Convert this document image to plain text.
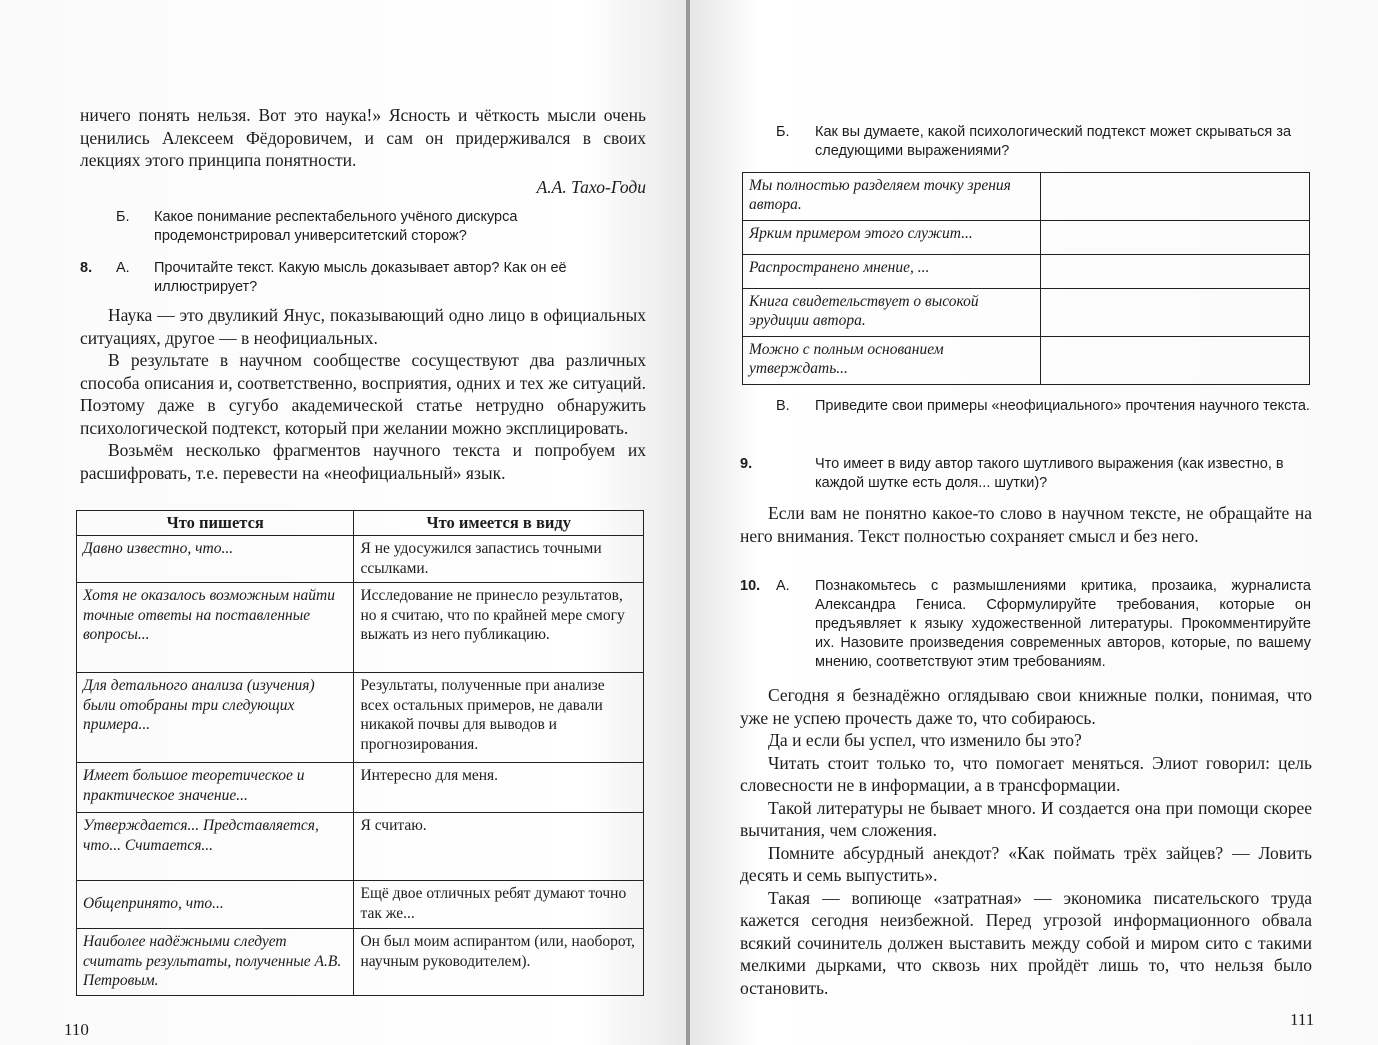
ничего понять нельзя. Вот это наука!» Ясность и чёткость мысли очень ценились Алексеем Фёдоровичем, и сам он придерживался в своих лекциях этого принципа понятности.
А.А. Тахо-Годи
Б. Какое понимание респектабельного учёного дискурса продемонстрировал университетский сторож?
8. А. Прочитайте текст. Какую мысль доказывает автор? Как он её иллюстрирует?

Наука — это двуликий Янус, показывающий одно лицо в официальных ситуациях, другое — в неофициальных.

В результате в научном сообществе сосуществуют два различных способа описания и, соответственно, восприятия, одних и тех же ситуаций. Поэтому даже в сугубо академической статье нетрудно обнаружить психологической подтекст, который при желании можно эксплицировать.

Возьмём несколько фрагментов научного текста и попробуем их расшифровать, т.е. перевести на «неофициальный» язык.

Что пишется	Что имеется в виду
Давно известно, что...	Я не удосужился запастись точными ссылками.
Хотя не оказалось возможным найти точные ответы на поставленные вопросы...	Исследование не принесло результатов, но я считаю, что по крайней мере смогу выжать из него публикацию.
Для детального анализа (изучения) были отобраны три следующих примера...	Результаты, полученные при анализе всех остальных примеров, не давали никакой почвы для выводов и прогнозирования.
Имеет большое теоретическое и практическое значение...	Интересно для меня.
Утверждается... Представляется, что... Считается...	Я считаю.
Общепринято, что...	Ещё двое отличных ребят думают точно так же...
Наиболее надёжными следует считать результаты, полученные А.В. Петровым.	Он был моим аспирантом (или, наоборот, научным руководителем).
110
Б. Как вы думаете, какой психологический подтекст может скрываться за следующими выражениями?
Мы полностью разделяем точку зрения автора.	
Ярким примером этого служит...	
Распространено мнение, ...	
Книга свидетельствует о высокой эрудиции автора.	
Можно с полным основанием утверждать...	
В. Приведите свои примеры «неофициального» прочтения научного текста.
9.	Что имеет в виду автор такого шутливого выражения (как известно, в каждой шутке есть доля... шутки)?
Если вам не понятно какое-то слово в научном тексте, не обращайте на него внимания. Текст полностью сохраняет смысл и без него.
10. А. Познакомьтесь с размышлениями критика, прозаика, журналиста Александра Гениса. Сформулируйте требования, которые он предъявляет к языку художественной литературы. Прокомментируйте их. Назовите произведения современных авторов, которые, по вашему мнению, соответствуют этим требованиям.

Сегодня я безнадёжно оглядываю свои книжные полки, понимая, что уже не успею прочесть даже то, что собираюсь.

Да и если бы успел, что изменило бы это?

Читать стоит только то, что помогает меняться. Элиот говорил: цель словесности не в информации, а в трансформации.

Такой литературы не бывает много. И создается она при помощи скорее вычитания, чем сложения.

Помните абсурдный анекдот? «Как поймать трёх зайцев? — Ловить десять и семь выпустить».

Такая — вопиюще «затратная» — экономика писательского труда кажется сегодня неизбежной. Перед угрозой информационного обвала всякий сочинитель должен выставить между собой и миром сито с такими мелкими дырками, что сквозь них пройдёт лишь то, что нельзя было остановить.

111
